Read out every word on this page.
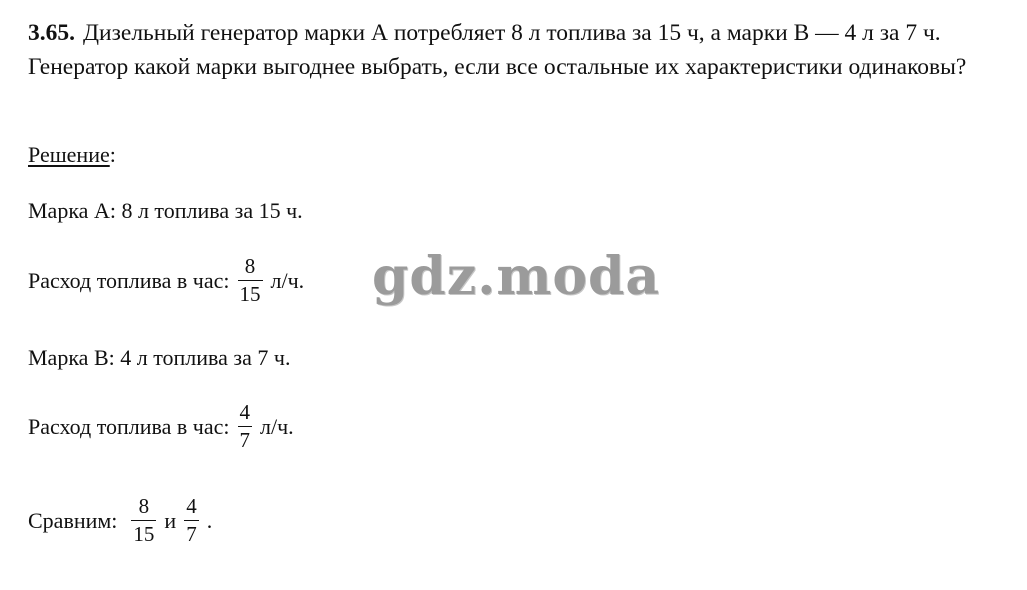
3.65. Дизельный генератор марки А потребляет 8 л топлива за 15 ч, а марки В — 4 л за 7 ч. Генератор какой марки выгоднее выбрать, если все остальные их характеристики одинаковы?

Решение:

Марка А: 8 л топлива за 15 ч.

Расход топлива в час: $\frac{8}{15} л/ч$.

Марка В: 4 л топлива за 7 ч.

Расход топлива в час: $\frac{4}{7} л/ч$.
Сравним: $\frac{8}{15}$ и $\frac{4}{7}$ .
gdz.moda
